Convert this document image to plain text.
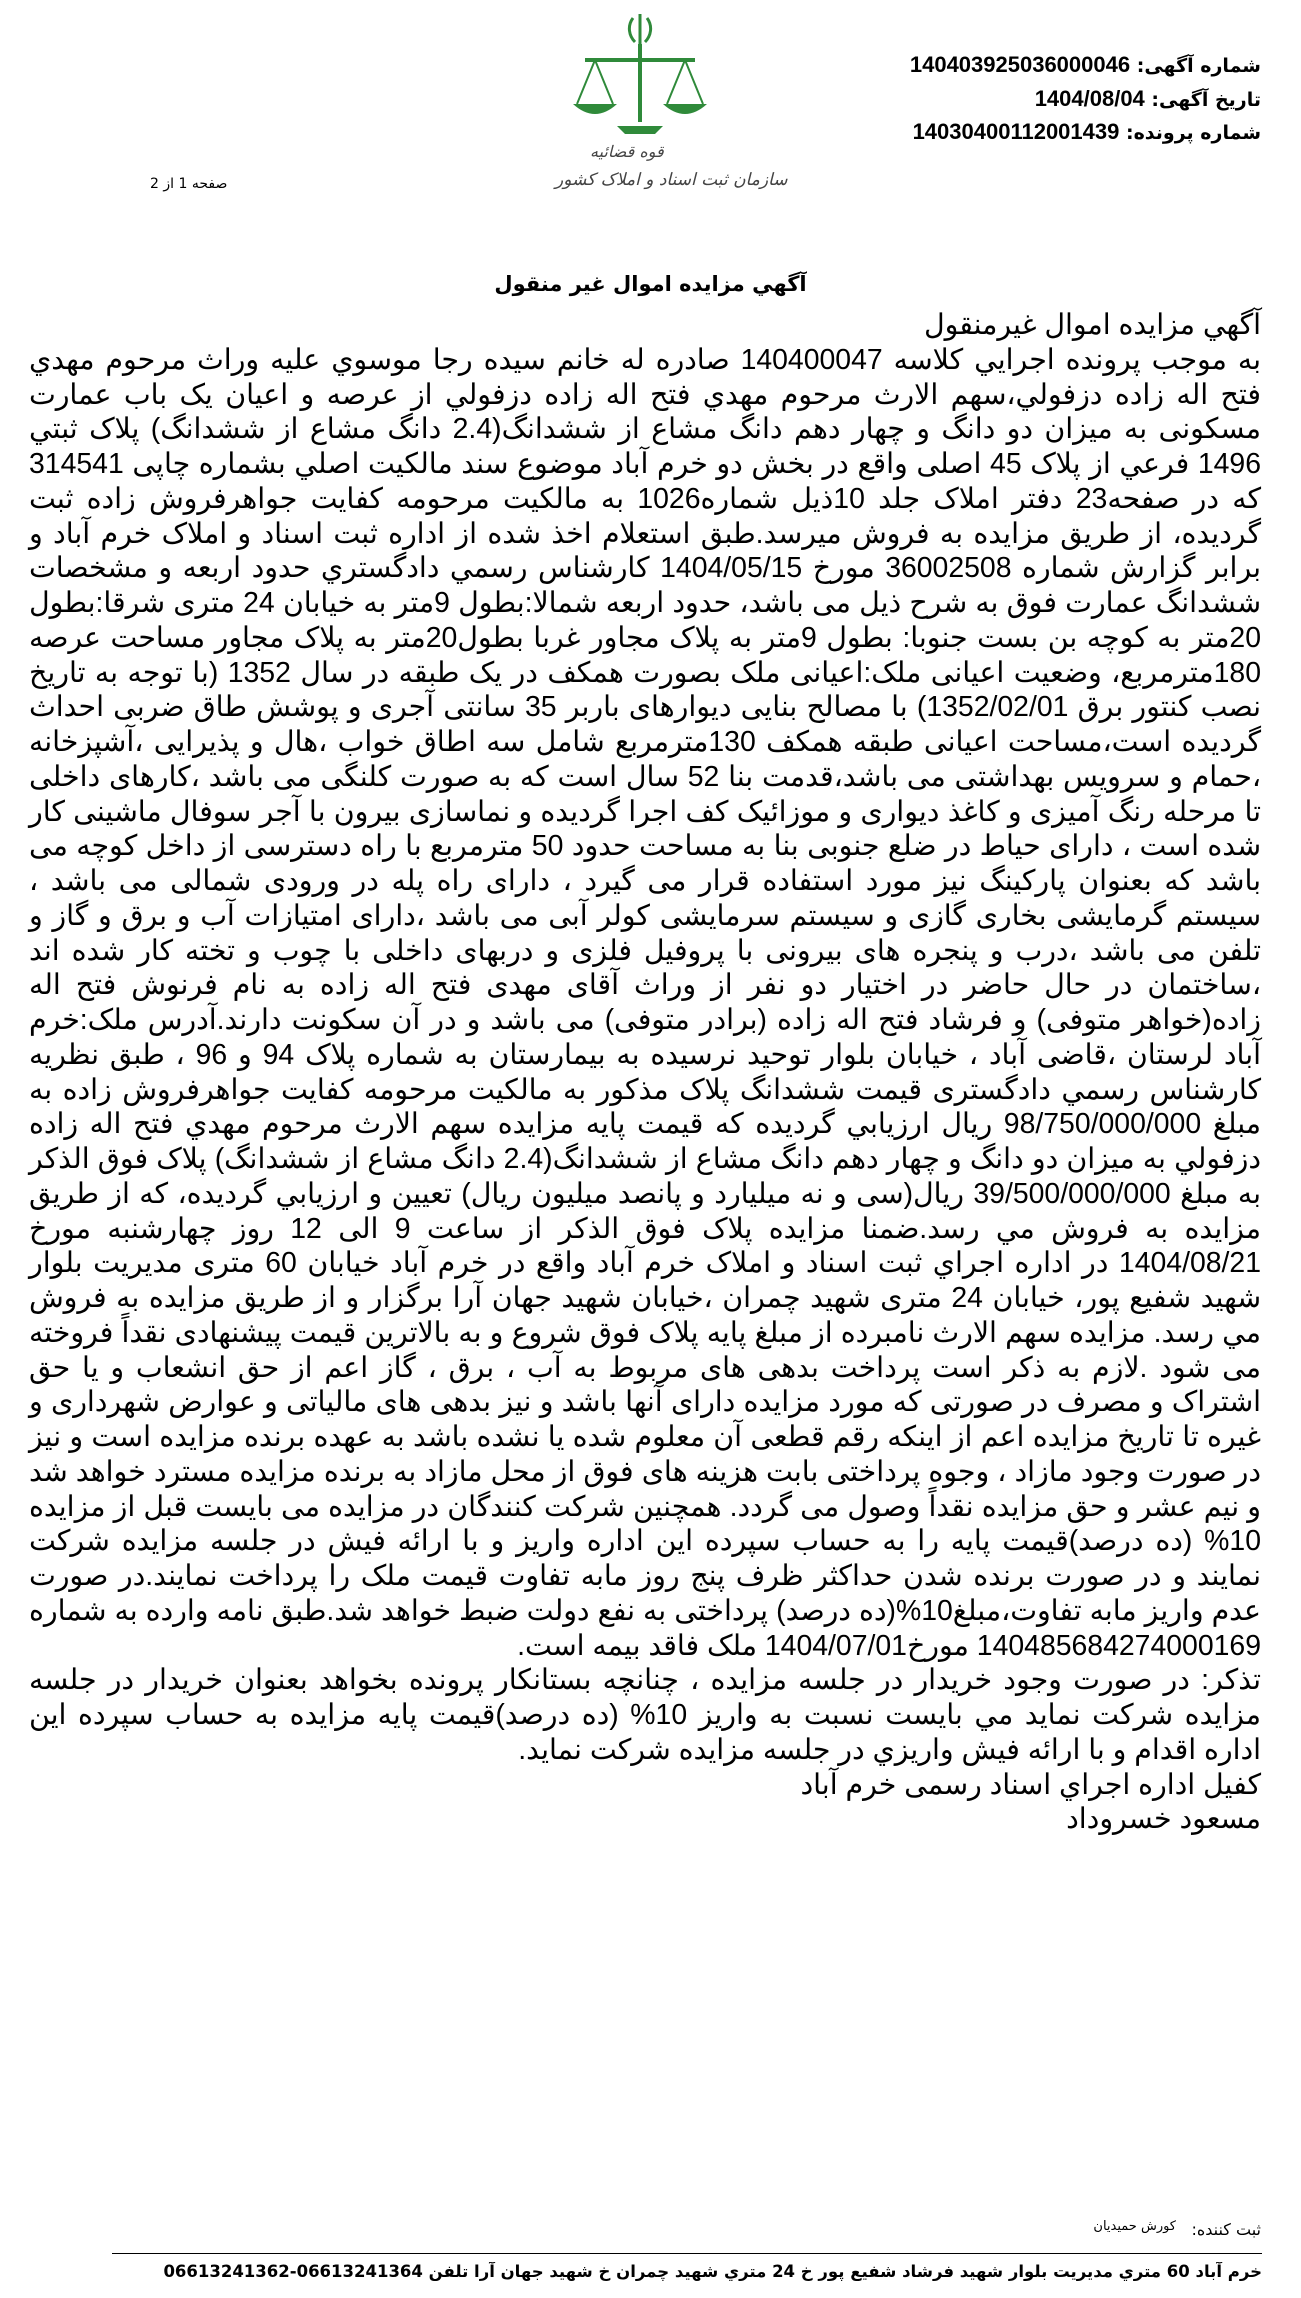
قوه قضائیه
سازمان ثبت اسناد و املاک کشور
شماره آگهی: 140403925036000046
تاریخ آگهی: 1404/08/04
شماره پرونده: 14030400112001439
صفحه 1 از 2
آگهي مزایده اموال غیر منقول

آگهي مزايده اموال غيرمنقول

به موجب پرونده اجرايي كلاسه 140400047 صادره له خانم سيده رجا موسوي عليه وراث مرحوم مهدي فتح اله زاده دزفولي،سهم الارث مرحوم مهدي فتح اله زاده دزفولي از عرصه و اعيان يک باب عمارت مسکونی به میزان دو دانگ و چهار دهم دانگ مشاع از ششدانگ(2.4 دانگ مشاع از ششدانگ) پلاک ثبتي 1496 فرعي از پلاک 45 اصلی واقع در بخش دو خرم آباد موضوع سند مالكيت اصلي بشماره چاپی 314541 که در صفحه23 دفتر املاک جلد 10ذيل شماره1026 به مالکیت مرحومه کفایت جواهرفروش زاده ثبت گرديده، از طريق مزايده به فروش ميرسد.طبق استعلام اخذ شده از اداره ثبت اسناد و املاک خرم آباد و برابر گزارش شماره 36002508 مورخ 1404/05/15 كارشناس رسمي دادگستري حدود اربعه و مشخصات ششدانگ عمارت فوق به شرح ذيل می باشد، حدود اربعه شمالا:بطول 9متر به خیابان 24 متری شرقا:بطول 20متر به کوچه بن بست جنوبا: بطول 9متر به پلاک مجاور غربا بطول20متر به پلاک مجاور مساحت عرصه 180مترمربع، وضعیت اعیانی ملک:اعیانی ملک بصورت همکف در یک طبقه در سال 1352 (با توجه به تاریخ نصب کنتور برق 1352/02/01) با مصالح بنایی دیوارهای باربر 35 سانتی آجری و پوشش طاق ضربی احداث گردیده است،مساحت اعیانی طبقه همکف 130مترمربع شامل سه اطاق خواب ،هال و پذیرایی ،آشپزخانه ،حمام و سرویس بهداشتی می باشد،قدمت بنا 52 سال است که به صورت کلنگی می باشد ،کارهای داخلی تا مرحله رنگ آمیزی و کاغذ دیواری و موزائیک کف اجرا گردیده و نماسازی بیرون با آجر سوفال ماشینی کار شده است ، دارای حیاط در ضلع جنوبی بنا به مساحت حدود 50 مترمربع با راه دسترسی از داخل کوچه می باشد که بعنوان پارکینگ نیز مورد استفاده قرار می گیرد ، دارای راه پله در ورودی شمالی می باشد ، سیستم گرمایشی بخاری گازی و سیستم سرمایشی کولر آبی می باشد ،دارای امتیازات آب و برق و گاز و تلفن می باشد ،درب و پنجره های بیرونی با پروفیل فلزی و دربهای داخلی با چوب و تخته کار شده اند ،ساختمان در حال حاضر در اختیار دو نفر از وراث آقای مهدی فتح اله زاده به نام فرنوش فتح اله زاده(خواهر متوفی) و فرشاد فتح اله زاده (برادر متوفی) می باشد و در آن سکونت دارند.آدرس ملک:خرم آباد لرستان ،قاضی آباد ، خیابان بلوار توحید نرسیده به بیمارستان به شماره پلاک 94 و 96 ، طبق نظریه كارشناس رسمي دادگستری قیمت ششدانگ پلاک مذکور به مالکیت مرحومه کفایت جواهرفروش زاده به مبلغ 98/750/000/000 ريال ارزيابي گرديده که قیمت پایه مزایده سهم الارث مرحوم مهدي فتح اله زاده دزفولي به میزان دو دانگ و چهار دهم دانگ مشاع از ششدانگ(2.4 دانگ مشاع از ششدانگ) پلاک فوق الذکر به مبلغ 39/500/000/000 ریال(سی و نه میلیارد و پانصد میلیون ریال) تعیین و ارزيابي گرديده، كه از طريق مزايده به فروش مي رسد.ضمنا مزايده پلاک فوق الذكر از ساعت 9 الی 12 روز چهارشنبه مورخ 1404/08/21 در اداره اجراي ثبت اسناد و املاک خرم آباد واقع در خرم آباد خیابان 60 متری مدیریت بلوار شهید شفیع پور، خیابان 24 متری شهید چمران ،خیابان شهید جهان آرا برگزار و از طريق مزايده به فروش مي رسد. مزایده سهم الارث نامبرده از مبلغ پایه پلاک فوق شروع و به بالاترین قیمت پیشنهادی نقداً فروخته می شود .لازم به ذکر است پرداخت بدهی های مربوط به آب ، برق ، گاز اعم از حق انشعاب و یا حق اشتراک و مصرف در صورتی که مورد مزایده دارای آنها باشد و نیز بدهی های مالیاتی و عوارض شهرداری و غیره تا تاریخ مزایده اعم از اینکه رقم قطعی آن معلوم شده یا نشده باشد به عهده برنده مزایده است و نیز در صورت وجود مازاد ، وجوه پرداختی بابت هزینه های فوق از محل مازاد به برنده مزایده مسترد خواهد شد و نیم عشر و حق مزایده نقداً وصول می گردد. همچنین شرکت کنندگان در مزایده می بایست قبل از مزایده 10% (ده درصد)قیمت پایه را به حساب سپرده این اداره واریز و با ارائه فیش در جلسه مزایده شرکت نمایند و در صورت برنده شدن حداکثر ظرف پنج روز مابه تفاوت قیمت ملک را پرداخت نمایند.در صورت عدم واریز مابه تفاوت،مبلغ10%(ده درصد) پرداختی به نفع دولت ضبط خواهد شد.طبق نامه وارده به شماره 14048568427400016​9 مورخ1404/07/01 ملک فاقد بیمه است.

تذكر: در صورت وجود خريدار در جلسه مزايده ، چنانچه بستانكار پرونده بخواهد بعنوان خريدار در جلسه مزايده شركت نمايد مي بايست نسبت به واريز 10% (ده درصد)قيمت پايه مزايده به حساب سپرده اين اداره اقدام و با ارائه فيش واريزي در جلسه مزايده شركت نمايد.

كفيل اداره اجراي اسناد رسمی خرم آباد

مسعود خسروداد

ثبت كننده:
كورش حميديان
خرم آباد 60 متري مديريت بلوار شهيد فرشاد شفيع پور خ 24 متري شهيد چمران خ شهيد جهان آرا تلفن 06613241364-06613241362
